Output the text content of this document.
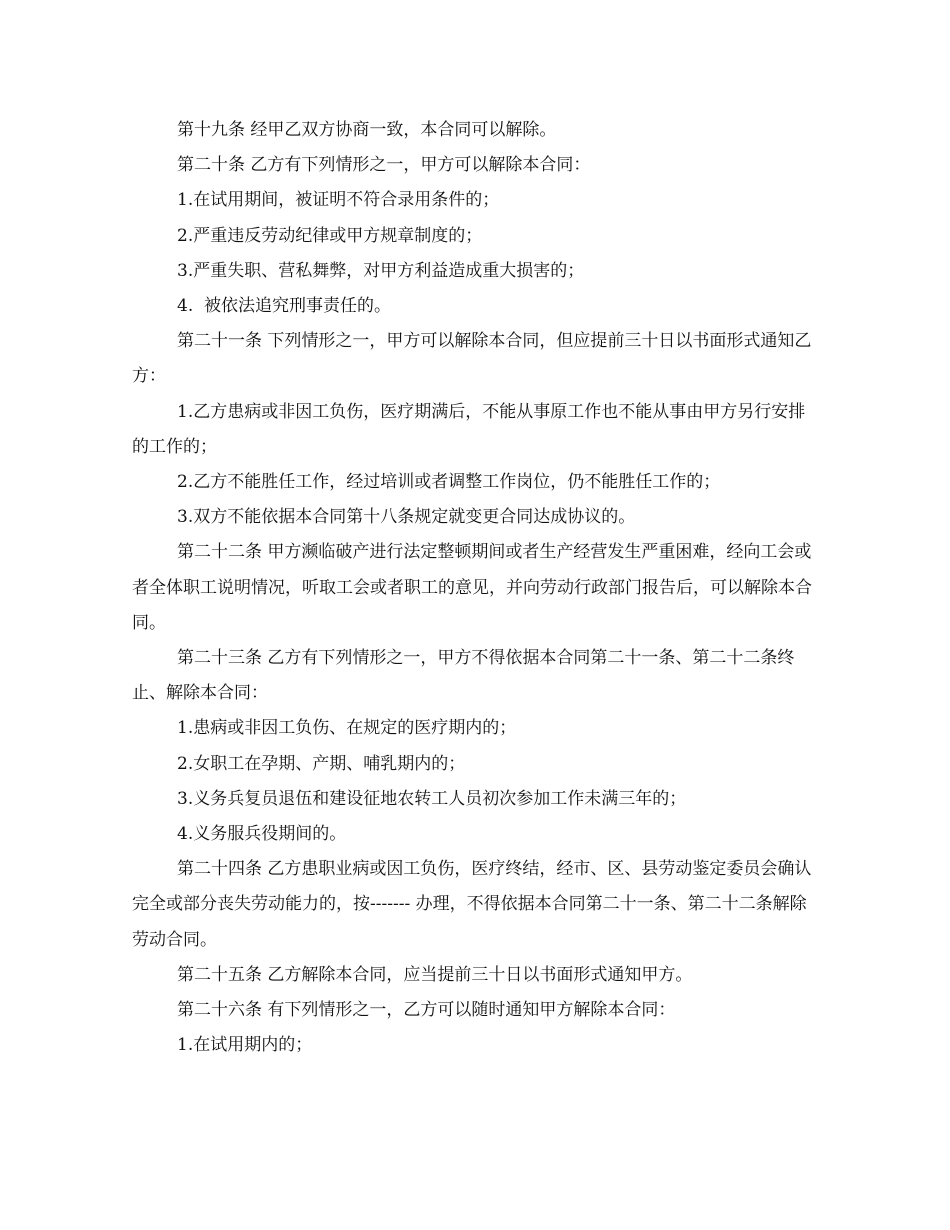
第十九条 经甲乙双方协商一致，本合同可以解除。

第二十条 乙方有下列情形之一，甲方可以解除本合同：

1.在试用期间，被证明不符合录用条件的；

2.严重违反劳动纪律或甲方规章制度的；

3.严重失职、营私舞弊，对甲方利益造成重大损害的；

4.  被依法追究刑事责任的。

第二十一条 下列情形之一，甲方可以解除本合同，但应提前三十日以书面形式通知乙方：

1.乙方患病或非因工负伤，医疗期满后，不能从事原工作也不能从事由甲方另行安排的工作的；

2.乙方不能胜任工作，经过培训或者调整工作岗位，仍不能胜任工作的；

3.双方不能依据本合同第十八条规定就变更合同达成协议的。

第二十二条 甲方濒临破产进行法定整顿期间或者生产经营发生严重困难，经向工会或者全体职工说明情况，听取工会或者职工的意见，并向劳动行政部门报告后，可以解除本合同。

第二十三条 乙方有下列情形之一，甲方不得依据本合同第二十一条、第二十二条终止、解除本合同：

1.患病或非因工负伤、在规定的医疗期内的；

2.女职工在孕期、产期、哺乳期内的；

3.义务兵复员退伍和建设征地农转工人员初次参加工作未满三年的；

4.义务服兵役期间的。

第二十四条 乙方患职业病或因工负伤，医疗终结，经市、区、县劳动鉴定委员会确认完全或部分丧失劳动能力的，按------- 办理，不得依据本合同第二十一条、第二十二条解除劳动合同。

第二十五条 乙方解除本合同，应当提前三十日以书面形式通知甲方。

第二十六条 有下列情形之一，乙方可以随时通知甲方解除本合同：

1.在试用期内的；
